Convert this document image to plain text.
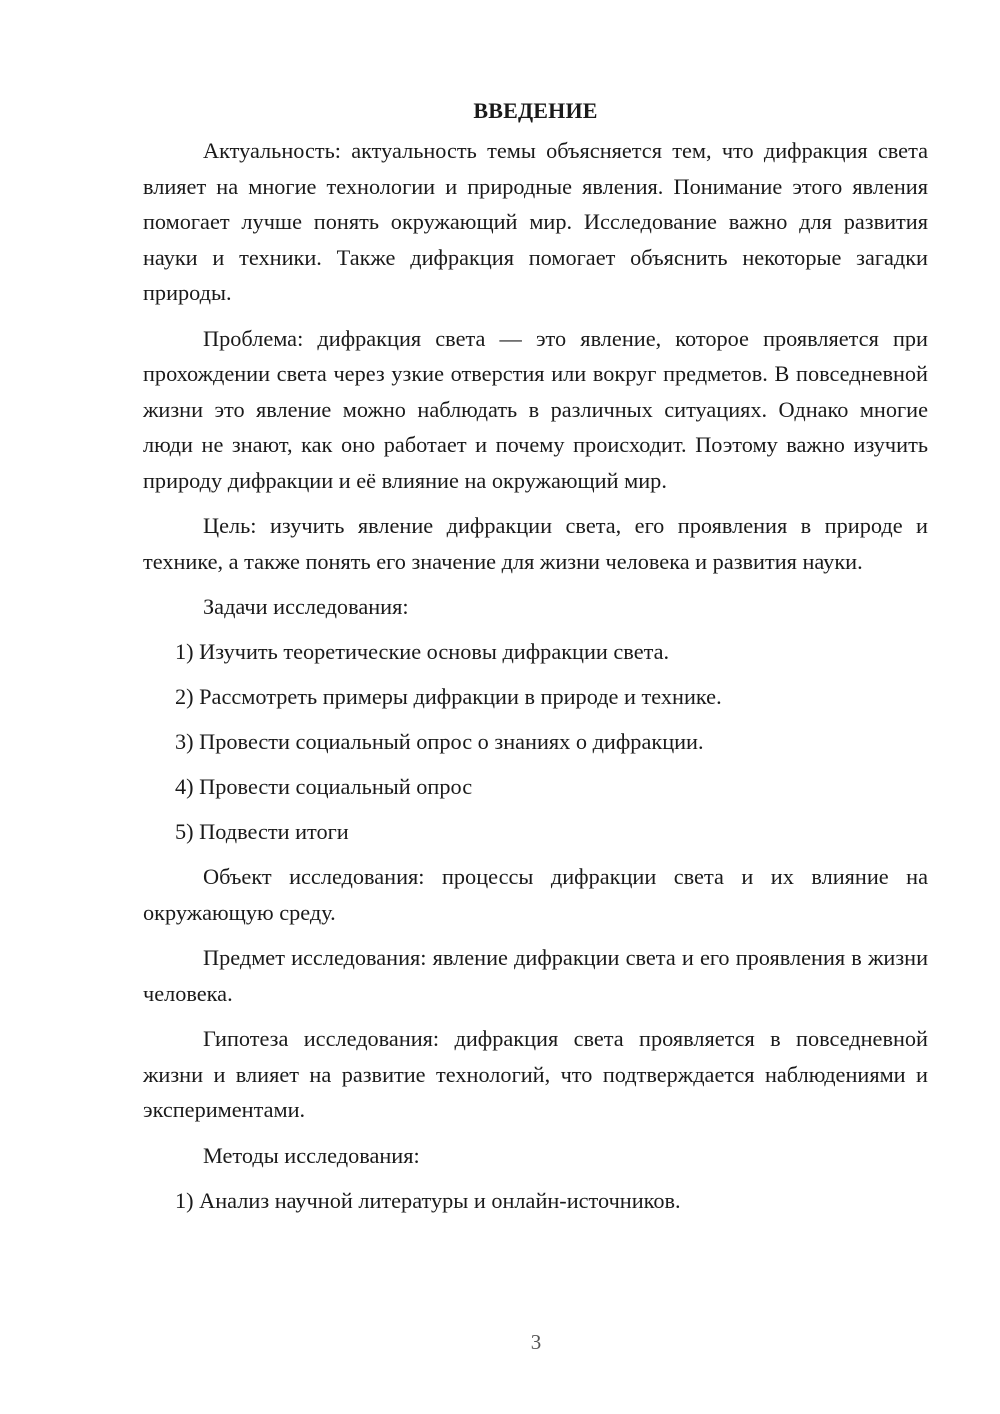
ВВЕДЕНИЕ

Актуальность: актуальность темы объясняется тем, что дифракция света влияет на многие технологии и природные явления. Понимание этого явления помогает лучше понять окружающий мир. Исследование важно для развития науки и техники. Также дифракция помогает объяснить некоторые загадки природы.

Проблема: дифракция света — это явление, которое проявляется при прохождении света через узкие отверстия или вокруг предметов. В повседневной жизни это явление можно наблюдать в различных ситуациях. Однако многие люди не знают, как оно работает и почему происходит. Поэтому важно изучить природу дифракции и её влияние на окружающий мир.

Цель: изучить явление дифракции света, его проявления в природе и технике, а также понять его значение для жизни человека и развития науки.

Задачи исследования:
1) Изучить теоретические основы дифракции света.
2) Рассмотреть примеры дифракции в природе и технике.
3) Провести социальный опрос о знаниях о дифракции.
4) Провести социальный опрос
5) Подвести итоги

Объект исследования: процессы дифракции света и их влияние на окружающую среду.

Предмет исследования: явление дифракции света и его проявления в жизни человека.

Гипотеза исследования: дифракция света проявляется в повседневной жизни и влияет на развитие технологий, что подтверждается наблюдениями и экспериментами.

Методы исследования:
1) Анализ научной литературы и онлайн-источников.
3
